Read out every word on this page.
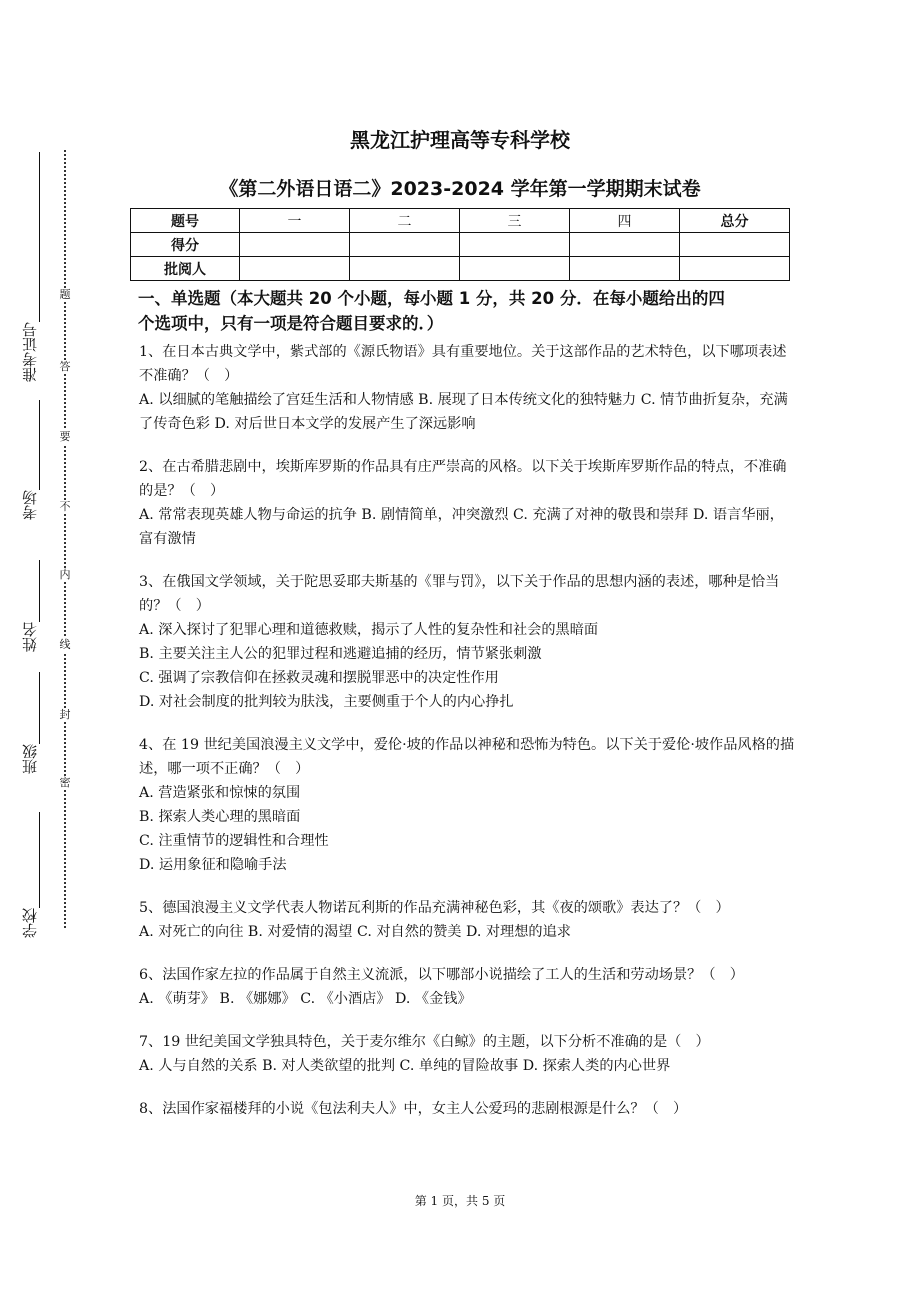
准考证号
考场
姓名
班级
学校
题
答
要
不
内
线
封
密
黑龙江护理高等专科学校
《第二外语日语二》2023-2024 学年第一学期期末试卷
题号	一	二	三	四	总分
得分					
批阅人					
一、单选题（本大题共 20 个小题，每小题 1 分，共 20 分．在每小题给出的四
个选项中，只有一项是符合题目要求的．）
1、在日本古典文学中，紫式部的《源氏物语》具有重要地位。关于这部作品的艺术特色，以下哪项表述不准确？（　）
A. 以细腻的笔触描绘了宫廷生活和人物情感 B. 展现了日本传统文化的独特魅力 C. 情节曲折复杂，充满了传奇色彩 D. 对后世日本文学的发展产生了深远影响
2、在古希腊悲剧中，埃斯库罗斯的作品具有庄严崇高的风格。以下关于埃斯库罗斯作品的特点，不准确的是？（　）
A. 常常表现英雄人物与命运的抗争 B. 剧情简单，冲突激烈 C. 充满了对神的敬畏和崇拜 D. 语言华丽，富有激情
3、在俄国文学领域，关于陀思妥耶夫斯基的《罪与罚》，以下关于作品的思想内涵的表述，哪种是恰当的？（　）
A. 深入探讨了犯罪心理和道德救赎，揭示了人性的复杂性和社会的黑暗面
B. 主要关注主人公的犯罪过程和逃避追捕的经历，情节紧张刺激
C. 强调了宗教信仰在拯救灵魂和摆脱罪恶中的决定性作用
D. 对社会制度的批判较为肤浅，主要侧重于个人的内心挣扎
4、在 19 世纪美国浪漫主义文学中，爱伦·坡的作品以神秘和恐怖为特色。以下关于爱伦·坡作品风格的描述，哪一项不正确？（　）
A. 营造紧张和惊悚的氛围
B. 探索人类心理的黑暗面
C. 注重情节的逻辑性和合理性
D. 运用象征和隐喻手法
5、德国浪漫主义文学代表人物诺瓦利斯的作品充满神秘色彩，其《夜的颂歌》表达了？（　）
A. 对死亡的向往 B. 对爱情的渴望 C. 对自然的赞美 D. 对理想的追求
6、法国作家左拉的作品属于自然主义流派，以下哪部小说描绘了工人的生活和劳动场景？（　）
A. 《萌芽》 B. 《娜娜》 C. 《小酒店》 D. 《金钱》
7、19 世纪美国文学独具特色，关于麦尔维尔《白鲸》的主题，以下分析不准确的是（　）
A. 人与自然的关系 B. 对人类欲望的批判 C. 单纯的冒险故事 D. 探索人类的内心世界
8、法国作家福楼拜的小说《包法利夫人》中，女主人公爱玛的悲剧根源是什么？（　）
第 1 页，共 5 页
